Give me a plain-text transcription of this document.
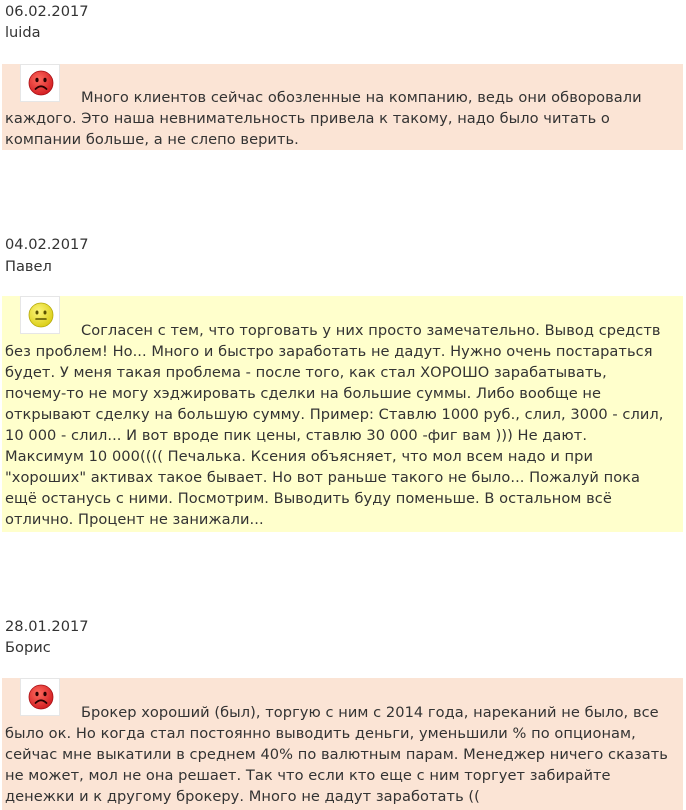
06.02.2017
luida

Много клиентов сейчас обозленные на компанию, ведь они обворовали каждого. Это наша невнимательность привела к такому, надо было читать о компании больше, а не слепо верить.

04.02.2017
Павел

Согласен с тем, что торговать у них просто замечательно. Вывод средств без проблем! Но... Много и быстро заработать не дадут. Нужно очень постараться будет. У меня такая проблема - после того, как стал ХОРОШО зарабатывать, почему-то не могу хэджировать сделки на большие суммы. Либо вообще не открывают сделку на большую сумму. Пример: Ставлю 1000 руб., слил, 3000 - слил, 10 000 - слил... И вот вроде пик цены, ставлю 30 000 -фиг вам ))) Не дают. Максимум 10 000(((( Печалька. Ксения объясняет, что мол всем надо и при "хороших" активах такое бывает. Но вот раньше такого не было... Пожалуй пока ещё останусь с ними. Посмотрим. Выводить буду поменьше. В остальном всё отлично. Процент не занижали...

28.01.2017
Борис

Брокер хороший (был), торгую с ним с 2014 года, нареканий не было, все было ок. Но когда стал постоянно выводить деньги, уменьшили % по опционам, сейчас мне выкатили в среднем 40% по валютным парам. Менеджер ничего сказать не может, мол не она решает. Так что если кто еще с ним торгует забирайте денежки и к другому брокеру. Много не дадут заработать ((
